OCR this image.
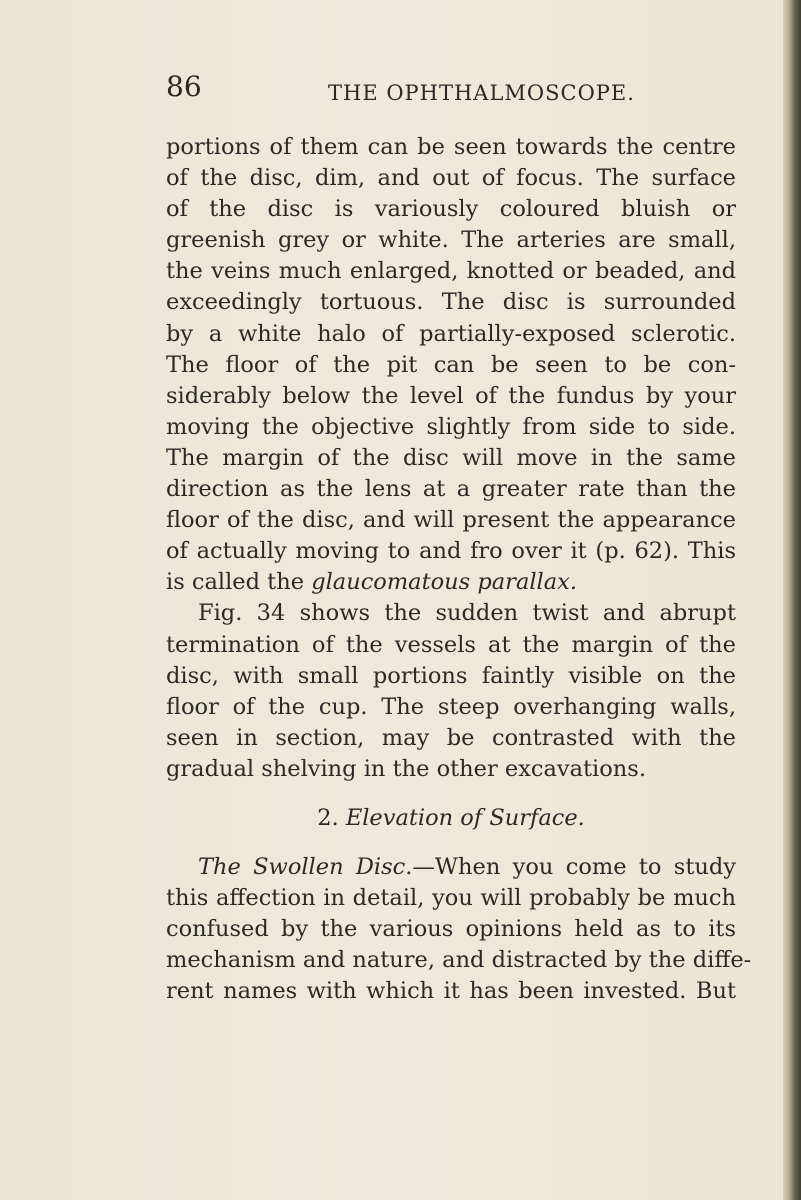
86	THE OPHTHALMOSCOPE.
portions of them can be seen towards the centre
of the disc, dim, and out of focus. The surface
of the disc is variously coloured bluish or
greenish grey or white. The arteries are small,
the veins much enlarged, knotted or beaded, and
exceedingly tortuous. The disc is surrounded
by a white halo of partially-exposed sclerotic.
The floor of the pit can be seen to be con-
siderably below the level of the fundus by your
moving the objective slightly from side to side.
The margin of the disc will move in the same
direction as the lens at a greater rate than the
floor of the disc, and will present the appearance
of actually moving to and fro over it (p. 62). This
is called the glaucomatous parallax.
Fig. 34 shows the sudden twist and abrupt
termination of the vessels at the margin of the
disc, with small portions faintly visible on the
floor of the cup. The steep overhanging walls,
seen in section, may be contrasted with the
gradual shelving in the other excavations.
2. Elevation of Surface.
The Swollen Disc.—When you come to study
this affection in detail, you will probably be much
confused by the various opinions held as to its
mechanism and nature, and distracted by the diffe-
rent names with which it has been invested. But
